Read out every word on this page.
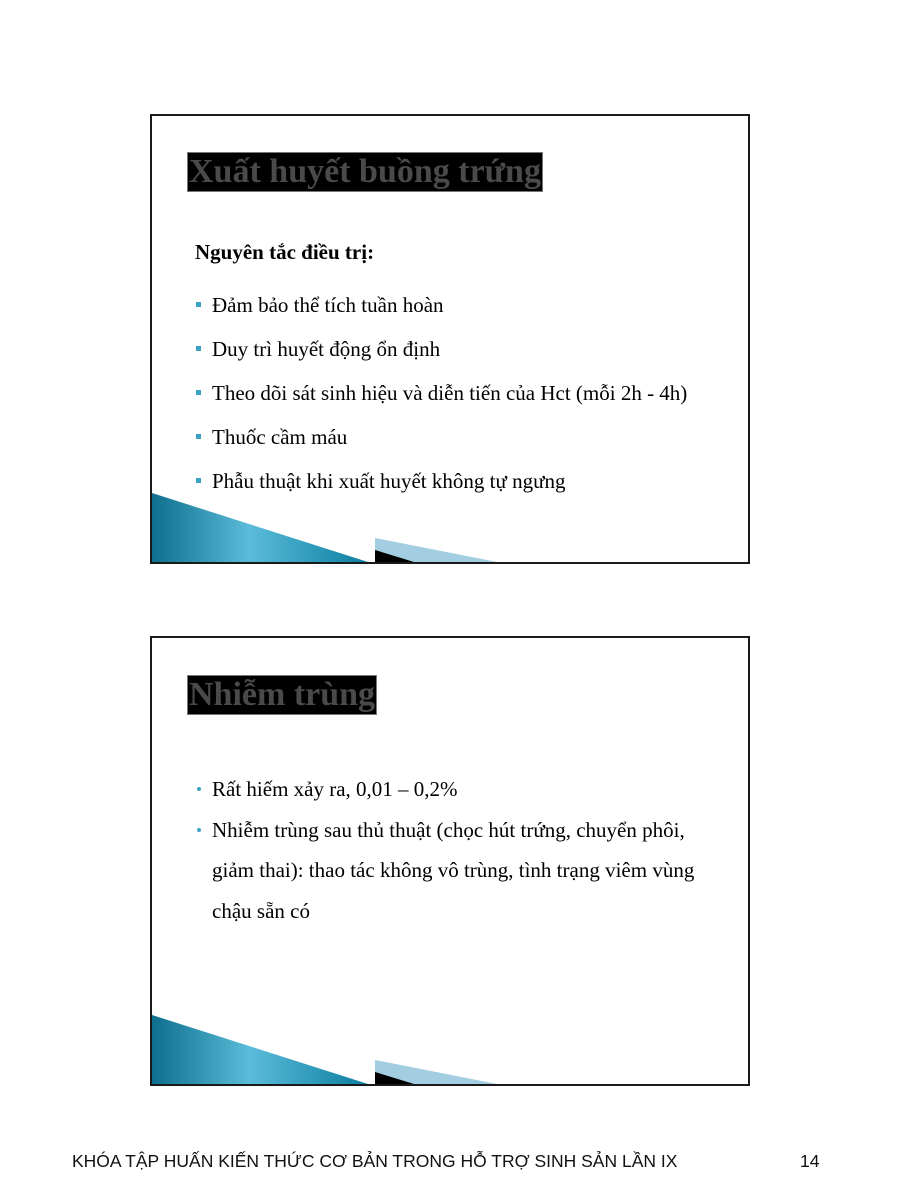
Xuất huyết buồng trứng
Nguyên tắc điều trị:
Đảm bảo thể tích tuần hoàn
Duy trì huyết động ổn định
Theo dõi sát sinh hiệu và diễn tiến của Hct (mỗi 2h - 4h)
Thuốc cầm máu
Phẫu thuật khi xuất huyết không tự ngưng
Nhiễm trùng
Rất hiếm xảy ra, 0,01 – 0,2%
Nhiễm trùng sau thủ thuật (chọc hút trứng, chuyển phôi, giảm thai): thao tác không vô trùng, tình trạng viêm vùng chậu sẵn có
KHÓA TẬP HUẤN KIẾN THỨC CƠ BẢN TRONG HỖ TRỢ SINH SẢN LẦN IX	14
